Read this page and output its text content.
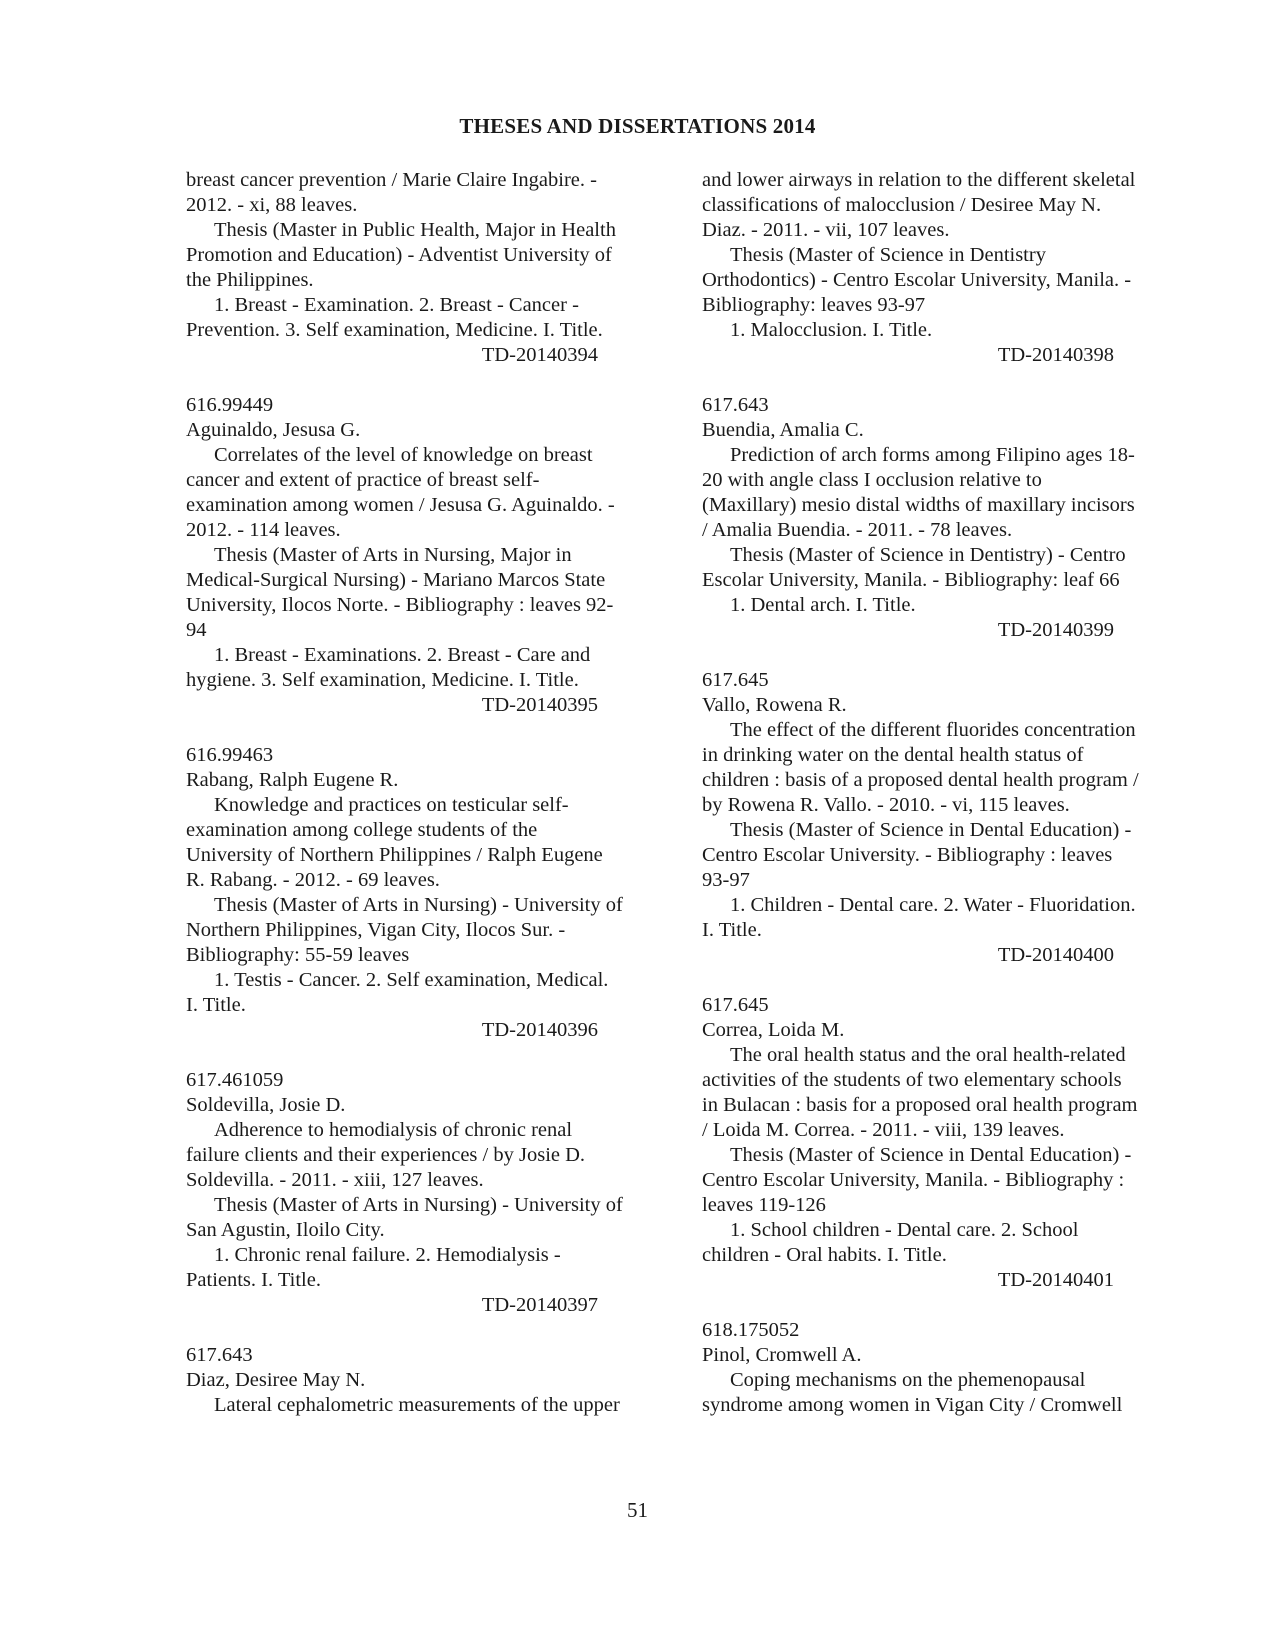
THESES AND DISSERTATIONS 2014
breast cancer prevention / Marie Claire Ingabire. -
2012. - xi, 88 leaves.
Thesis (Master in Public Health, Major in Health
Promotion and Education) - Adventist University of
the Philippines.
1. Breast - Examination. 2. Breast - Cancer -
Prevention. 3. Self examination, Medicine. I. Title.
TD-20140394
616.99449
Aguinaldo, Jesusa G.
Correlates of the level of knowledge on breast
cancer and extent of practice of breast self-
examination among women / Jesusa G. Aguinaldo. -
2012. - 114 leaves.
Thesis (Master of Arts in Nursing, Major in
Medical-Surgical Nursing) - Mariano Marcos State
University, Ilocos Norte. - Bibliography : leaves 92-
94
1. Breast - Examinations. 2. Breast - Care and
hygiene. 3. Self examination, Medicine. I. Title.
TD-20140395
616.99463
Rabang, Ralph Eugene R.
Knowledge and practices on testicular self-
examination among college students of the
University of Northern Philippines / Ralph Eugene
R. Rabang. - 2012. - 69 leaves.
Thesis (Master of Arts in Nursing) - University of
Northern Philippines, Vigan City, Ilocos Sur. -
Bibliography: 55-59 leaves
1. Testis - Cancer. 2. Self examination, Medical.
I. Title.
TD-20140396
617.461059
Soldevilla, Josie D.
Adherence to hemodialysis of chronic renal
failure clients and their experiences / by Josie D.
Soldevilla. - 2011. - xiii, 127 leaves.
Thesis (Master of Arts in Nursing) - University of
San Agustin, Iloilo City.
1. Chronic renal failure. 2. Hemodialysis -
Patients. I. Title.
TD-20140397
617.643
Diaz, Desiree May N.
Lateral cephalometric measurements of the upper
and lower airways in relation to the different skeletal
classifications of malocclusion / Desiree May N.
Diaz. - 2011. - vii, 107 leaves.
Thesis (Master of Science in Dentistry
Orthodontics) - Centro Escolar University, Manila. -
Bibliography: leaves 93-97
1. Malocclusion. I. Title.
TD-20140398
617.643
Buendia, Amalia C.
Prediction of arch forms among Filipino ages 18-
20 with angle class I occlusion relative to
(Maxillary) mesio distal widths of maxillary incisors
/ Amalia Buendia. - 2011. - 78 leaves.
Thesis (Master of Science in Dentistry) - Centro
Escolar University, Manila. - Bibliography: leaf 66
1. Dental arch. I. Title.
TD-20140399
617.645
Vallo, Rowena R.
The effect of the different fluorides concentration
in drinking water on the dental health status of
children : basis of a proposed dental health program /
by Rowena R. Vallo. - 2010. - vi, 115 leaves.
Thesis (Master of Science in Dental Education) -
Centro Escolar University. - Bibliography : leaves
93-97
1. Children - Dental care. 2. Water - Fluoridation.
I. Title.
TD-20140400
617.645
Correa, Loida M.
The oral health status and the oral health-related
activities of the students of two elementary schools
in Bulacan : basis for a proposed oral health program
/ Loida M. Correa. - 2011. - viii, 139 leaves.
Thesis (Master of Science in Dental Education) -
Centro Escolar University, Manila. - Bibliography :
leaves 119-126
1. School children - Dental care. 2. School
children - Oral habits. I. Title.
TD-20140401
618.175052
Pinol, Cromwell A.
Coping mechanisms on the phemenopausal
syndrome among women in Vigan City / Cromwell
51
